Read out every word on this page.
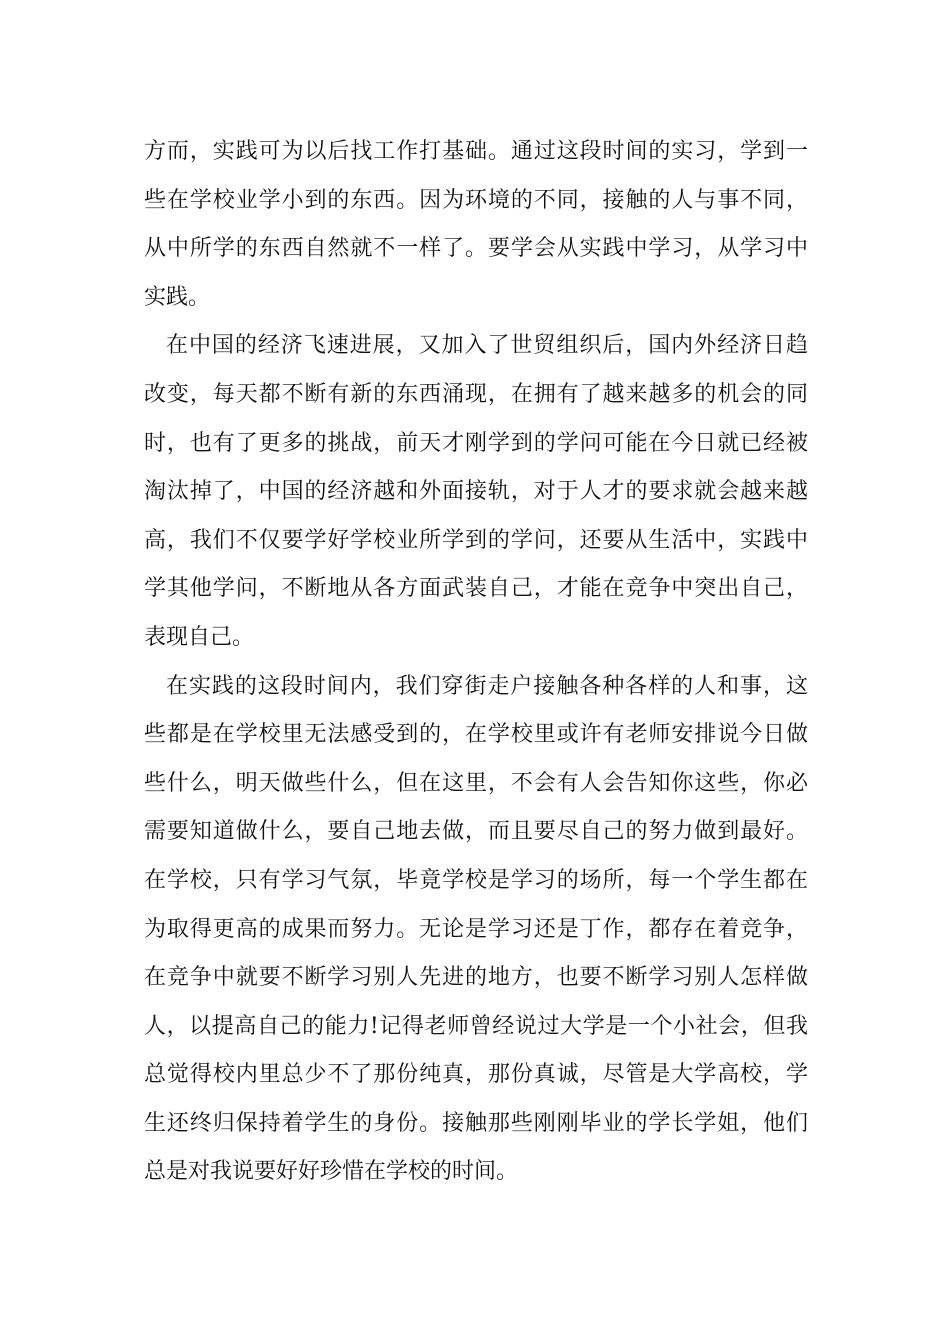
方而，实践可为以后找工作打基础。通过这段时间的实习，学到一
些在学校业学小到的东西。因为环境的不同，接触的人与事不同，
从中所学的东西自然就不一样了。要学会从实践中学习，从学习中
实践。
在中国的经济飞速进展，又加入了世贸组织后，国内外经济日趋
改变，每天都不断有新的东西涌现，在拥有了越来越多的机会的同
时，也有了更多的挑战，前天才刚学到的学问可能在今日就已经被
淘汰掉了，中国的经济越和外面接轨，对于人才的要求就会越来越
高，我们不仅要学好学校业所学到的学问，还要从生活中，实践中
学其他学问，不断地从各方面武装自己，才能在竞争中突出自己，
表现自己。
在实践的这段时间内，我们穿街走户接触各种各样的人和事，这
些都是在学校里无法感受到的，在学校里或许有老师安排说今日做
些什么，明天做些什么，但在这里，不会有人会告知你这些，你必
需要知道做什么，要自己地去做，而且要尽自己的努力做到最好。
在学校，只有学习气氛，毕竟学校是学习的场所，每一个学生都在
为取得更高的成果而努力。无论是学习还是丁作，都存在着竞争，
在竞争中就要不断学习别人先进的地方，也要不断学习别人怎样做
人，以提高自己的能力!记得老师曾经说过大学是一个小社会，但我
总觉得校内里总少不了那份纯真，那份真诚，尽管是大学高校，学
生还终归保持着学生的身份。接触那些刚刚毕业的学长学姐，他们
总是对我说要好好珍惜在学校的时间。
